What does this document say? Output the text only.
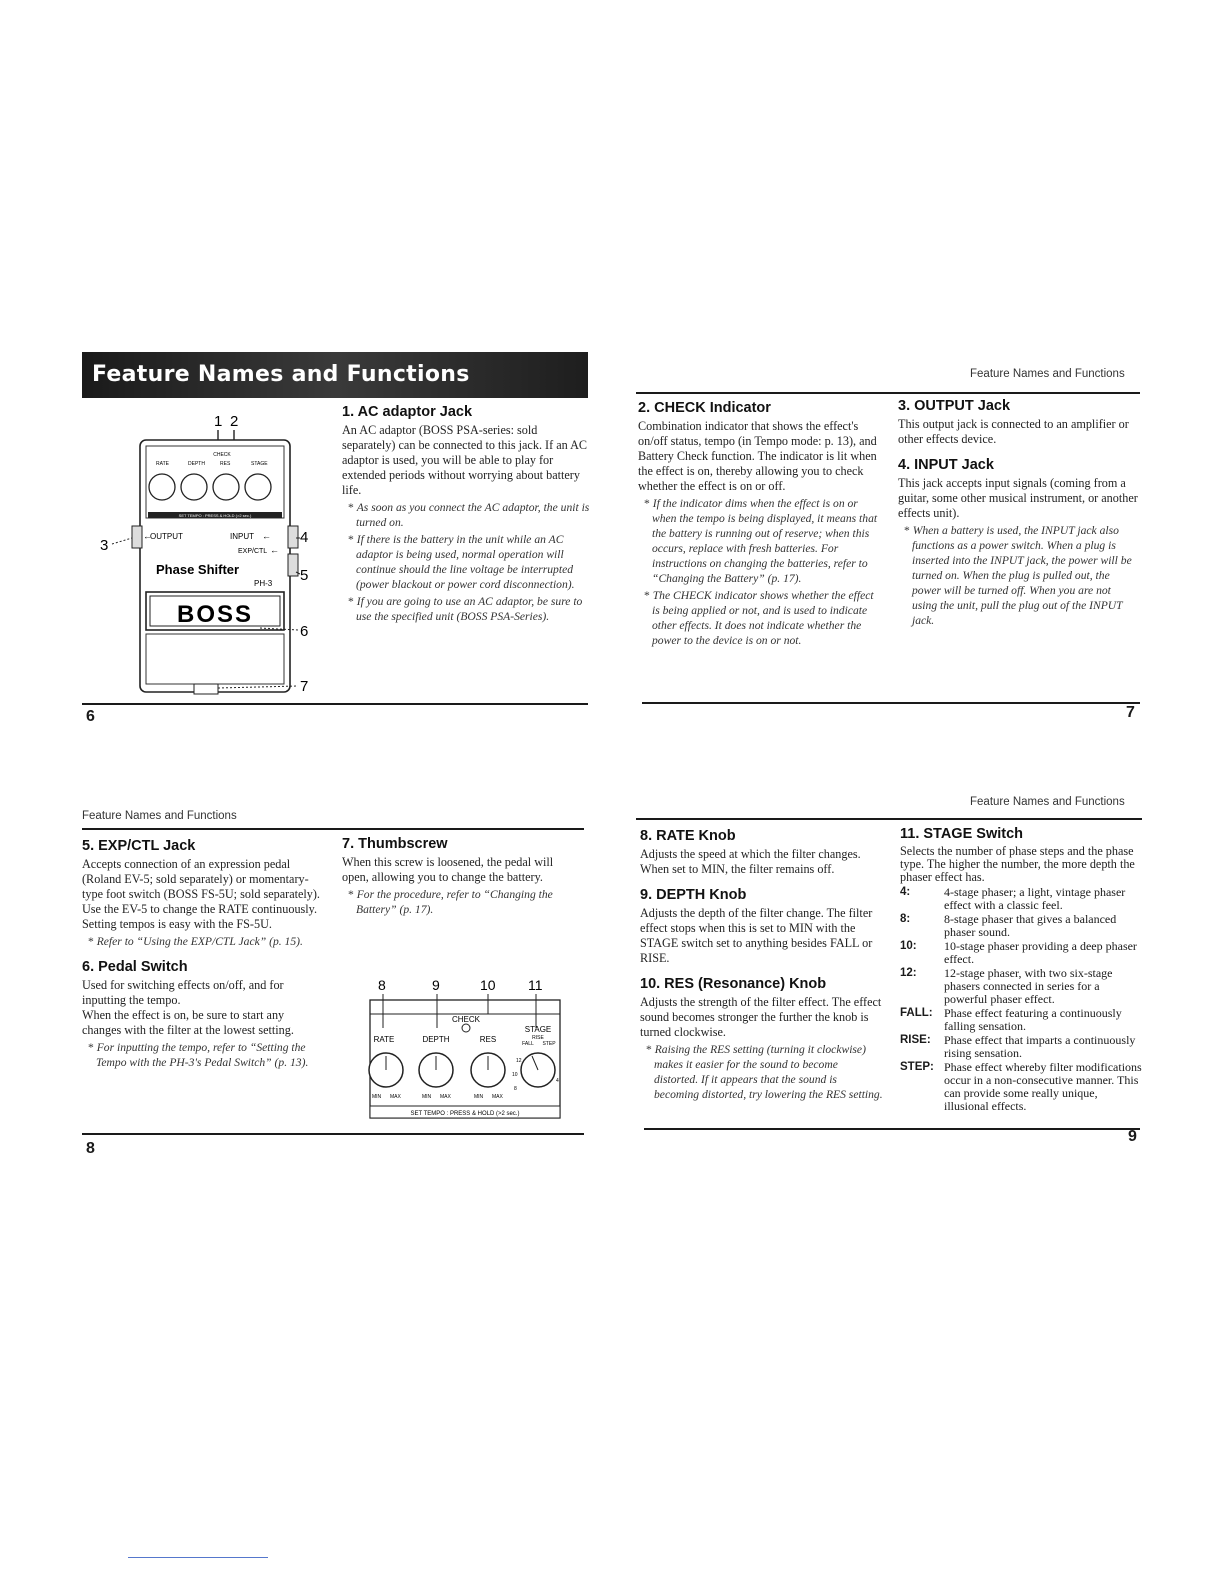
Feature Names and Functions
1 2
CHECK
RATE	DEPTH	RES	STAGE
SET TEMPO : PRESS & HOLD (>2 sec.)
OUTPUT
←	INPUT ←
EXP/CTL ←
Phase Shifter
PH-3
BOSS
3	4
5
6
7
1. AC adaptor Jack

An AC adaptor (BOSS PSA-series: sold separately) can be connected to this jack. If an AC adaptor is used, you will be able to play for extended periods without worrying about battery life.

* As soon as you connect the AC adaptor, the unit is turned on.

* If there is the battery in the unit while an AC adaptor is being used, normal operation will continue should the line voltage be interrupted (power blackout or power cord disconnection).

* If you are going to use an AC adaptor, be sure to use the specified unit (BOSS PSA-Series).

6
Feature Names and Functions
2. CHECK Indicator

Combination indicator that shows the effect's on/off status, tempo (in Tempo mode: p. 13), and Battery Check function. The indicator is lit when the effect is on, thereby allowing you to check whether the effect is on or off.

* If the indicator dims when the effect is on or when the tempo is being displayed, it means that the battery is running out of reserve; when this occurs, replace with fresh batteries. For instructions on changing the batteries, refer to “Changing the Battery” (p. 17).

* The CHECK indicator shows whether the effect is being applied or not, and is used to indicate other effects. It does not indicate whether the power to the device is on or not.

3. OUTPUT Jack

This output jack is connected to an amplifier or other effects device.

4. INPUT Jack

This jack accepts input signals (coming from a guitar, some other musical instrument, or another effects unit).

* When a battery is used, the INPUT jack also functions as a power switch. When a plug is inserted into the INPUT jack, the power will be turned on. When the plug is pulled out, the power will be turned off. When you are not using the unit, pull the plug out of the INPUT jack.

7
Feature Names and Functions
5. EXP/CTL Jack

Accepts connection of an expression pedal (Roland EV-5; sold separately) or momentary-type foot switch (BOSS FS-5U; sold separately).

Use the EV-5 to change the RATE continuously.

Setting tempos is easy with the FS-5U.

* Refer to “Using the EXP/CTL Jack” (p. 15).

6. Pedal Switch

Used for switching effects on/off, and for inputting the tempo.

When the effect is on, be sure to start any changes with the filter at the lowest setting.

* For inputting the tempo, refer to “Setting the Tempo with the PH-3's Pedal Switch” (p. 13).

7. Thumbscrew

When this screw is loosened, the pedal will open, allowing you to change the battery.

* For the procedure, refer to “Changing the Battery” (p. 17).

8	9	10 11
CHECK
RATE	DEPTH	RES
STAGE
RISE
FALL STEP
12
10
8
4
MIN MAX	MIN MAX	MIN MAX
SET TEMPO : PRESS & HOLD (>2 sec.)
8
Feature Names and Functions
8. RATE Knob

Adjusts the speed at which the filter changes. When set to MIN, the filter remains off.

9. DEPTH Knob

Adjusts the depth of the filter change. The filter effect stops when this is set to MIN with the STAGE switch set to anything besides FALL or RISE.

10. RES (Resonance) Knob

Adjusts the strength of the filter effect. The effect sound becomes stronger the further the knob is turned clockwise.

* Raising the RES setting (turning it clockwise) makes it easier for the sound to become distorted. If it appears that the sound is becoming distorted, try lowering the RES setting.

11. STAGE Switch

Selects the number of phase steps and the phase type. The higher the number, the more depth the phaser effect has.

4:	4-stage phaser; a light, vintage phaser effect with a classic feel.
8:	8-stage phaser that gives a balanced phaser sound.
10:	10-stage phaser providing a deep phaser effect.
12:	12-stage phaser, with two six-stage phasers connected in series for a powerful phaser effect.
FALL: Phase effect featuring a continuously falling sensation.
RISE:	Phase effect that imparts a continuously rising sensation.
STEP: Phase effect whereby filter modifications occur in a non-consecutive manner. This can provide some really unique, illusional effects.
9
